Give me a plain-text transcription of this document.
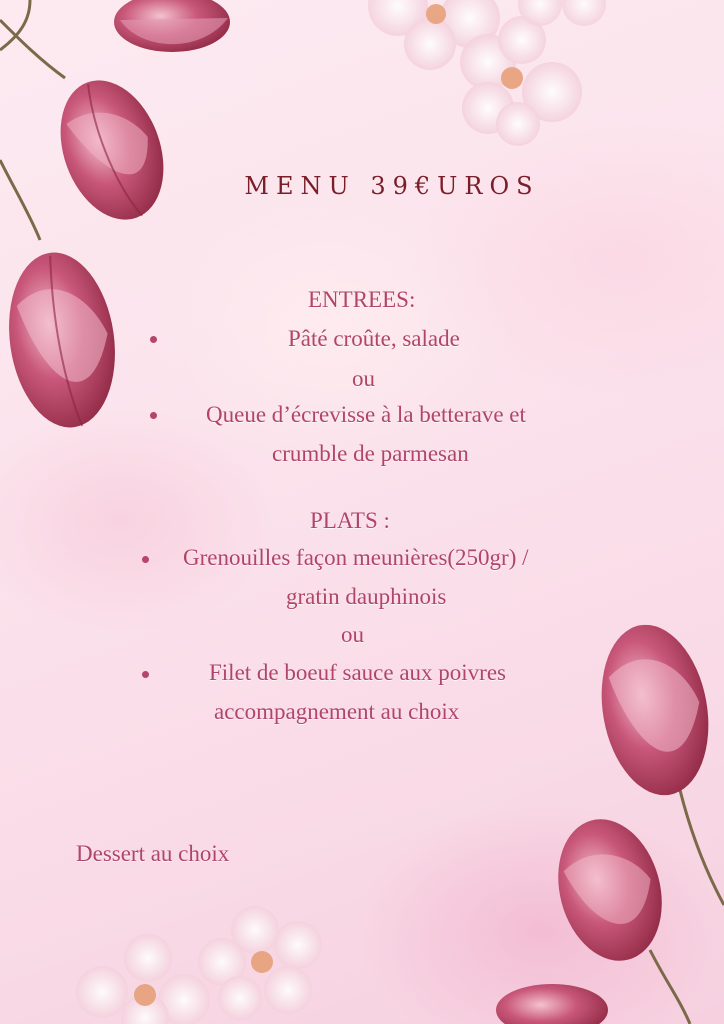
MENU 39€UROS
ENTREES:
Pâté croûte, salade
ou
Queue d’écrevisse à la betterave et
crumble de parmesan
PLATS :
Grenouilles façon meunières(250gr) /
gratin dauphinois
ou
Filet de boeuf sauce aux poivres
accompagnement au choix
Dessert au choix
